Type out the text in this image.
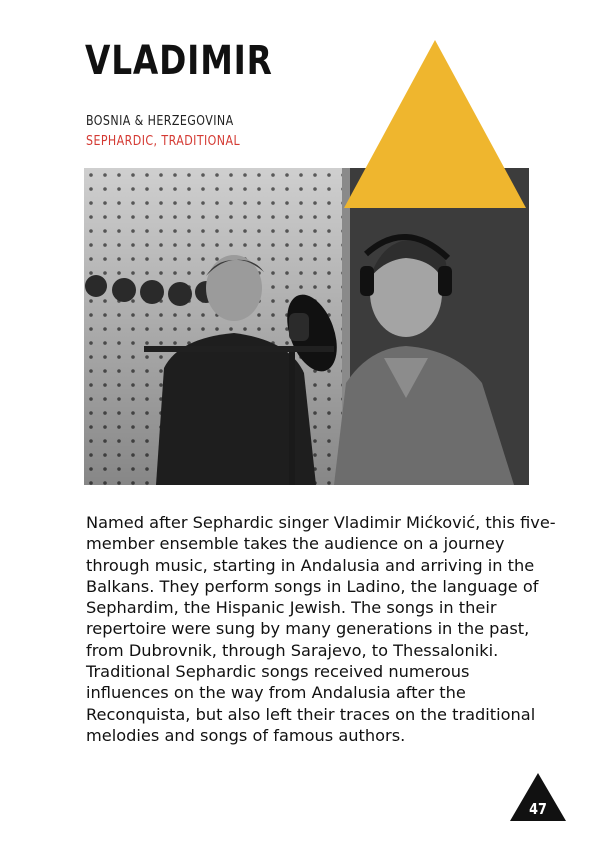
VLADIMIR
BOSNIA & HERZEGOVINA
SEPHARDIC, TRADITIONAL

Named after Sephardic singer Vladimir Mićković, this five-member ensemble takes the audience on a journey through music, starting in Andalusia and arriving in the Balkans. They perform songs in Ladino, the language of Sephardim, the Hispanic Jewish. The songs in their repertoire were sung by many generations in the past, from Dubrovnik, through Sarajevo, to Thessaloniki. Traditional Sephardic songs received numerous influences on the way from Andalusia after the Reconquista, but also left their traces on the traditional melodies and songs of famous authors.

47
